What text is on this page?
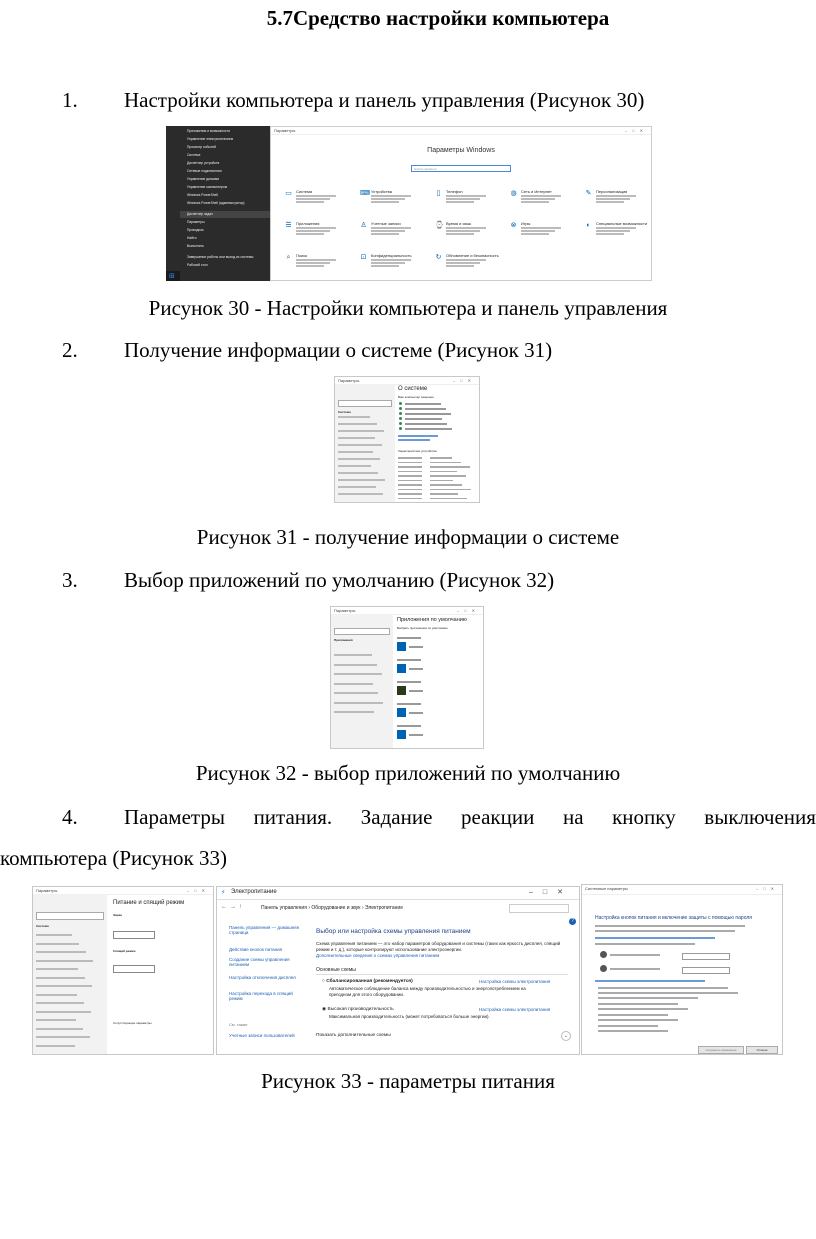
5.7Средство настройки компьютера
1. Настройки компьютера и панель управления (Рисунок 30)
Приложения и возможности
Управление электропитанием
Просмотр событий
Система
Диспетчер устройств
Сетевые подключения
Управление дисками
Управление компьютером
Windows PowerShell
Windows PowerShell (администратор)
Диспетчер задач
Параметры
Проводник
Найти
Выполнить
Завершение работы или выход из системы
Рабочий стол
⊞
Параметры	–□✕
Параметры Windows
Найти параметр
▭ Система	⌨ Устройства	▯	Телефон	◍ Сеть и Интернет	✎ Персонализация
☰ Приложения	♙ Учетные записи	⌚ Время и язык	⊗ Игры	◐	Специальные возможности
⌕	Поиск	⊡ Конфиденциальность	↻ Обновление и безопасность
Рисунок 30 - Настройки компьютера и панель управления
2. Получение информации о системе (Рисунок 31)
Параметры	–□✕
Система
О системе
Ваш компьютер защищен
Характеристики устройства
Рисунок 31 - получение информации о системе
3. Выбор приложений по умолчанию (Рисунок 32)
Параметры	–□✕
Приложения
Приложения по умолчанию
Выбрать приложения по умолчанию
Рисунок 32 - выбор приложений по умолчанию
4. Параметры питания. Задание реакции на кнопку выключения
компьютера (Рисунок 33)
Параметры	–□✕
Система
Питание и спящий режим
Экран
Спящий режим
Сопутствующие параметры
⚡ Электропитание	–□✕
←→↑	Панель управления › Оборудование и звук › Электропитание
Панель управления — домашняя страница
Действие кнопок питания
Создание схемы управления питанием
Настройка отключения дисплея
Настройка перехода в спящий режим
См. также
Учетные записи пользователей
Выбор или настройка схемы управления питанием
Схема управления питанием — это набор параметров оборудования и системы (таких как яркость дисплея, спящий режим и т. д.), которые контролируют использование электроэнергии.
Дополнительные сведения о схемах управления питанием
Основные схемы
○ Сбалансированная (рекомендуется)	Настройка схемы электропитания
Автоматическое соблюдение баланса между производительностью и энергопотреблением на пригодном для этого оборудовании.
◉ Высокая производительность	Настройка схемы электропитания
Максимальная производительность (может потребоваться больше энергии).
Показать дополнительные схемы	⌄
?
Системные параметры	–□✕
Настройка кнопок питания и включение защиты с помощью пароля
Сохранить изменения	Отмена
Рисунок 33 - параметры питания
